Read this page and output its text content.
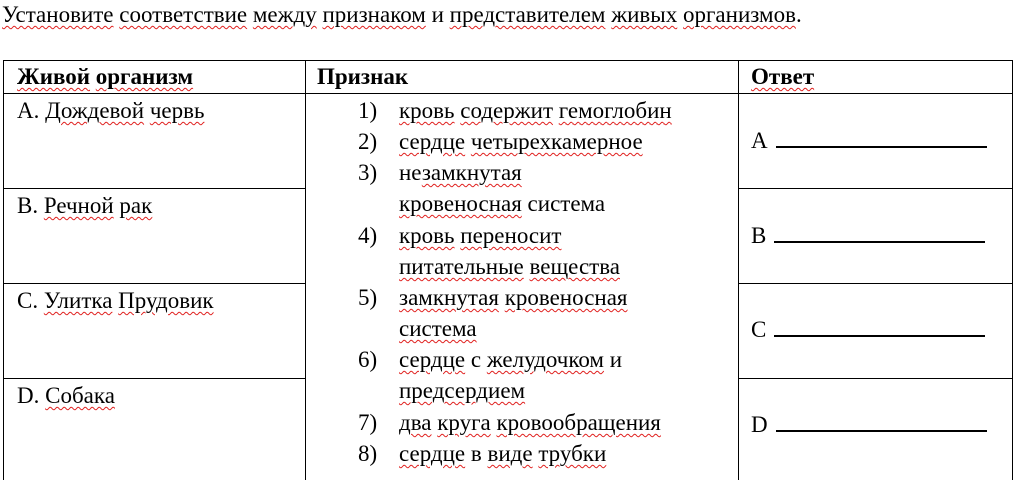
Установите соответствие между признаком и представителем живых организмов.
Живой организм	Признак	Ответ
A. Дождевой червь
B. Речной рак
C. Улитка Прудовик
D. Собака
1) кровь содержит гемоглобин
2) сердце четырехкамерное
3) незамкнутая
кровеносная система
4) кровь переносит
питательные вещества
5) замкнутая кровеносная
система
6) сердце с желудочком и
предсердием
7) два круга кровообращения
8) сердце в виде трубки
A
B
C
D
